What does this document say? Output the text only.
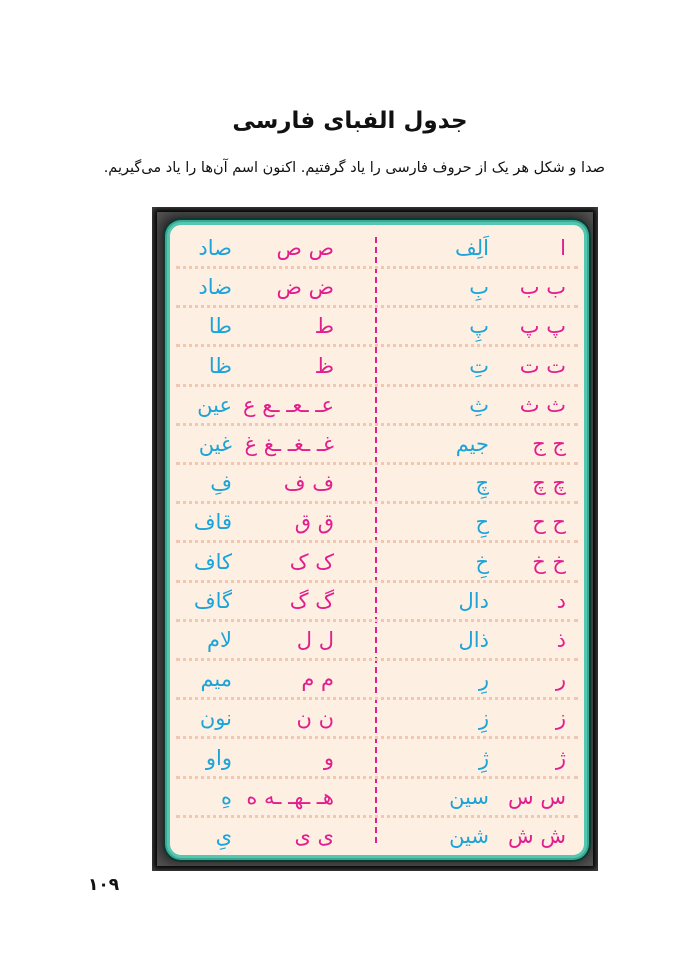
جدول الفبای فارسی
صدا و شکل هر یک از حروف فارسی را یاد گرفتیم. اکنون اسم آن‌ها را یاد می‌گیریم.
ا
اَلِف
ص ص
صاد
ب ب
بِ
ض ض
ضاد
پ پ
پِ
ط
طا
ت ت
تِ
ظ
ظا
ث ث
ثِ
عـ ـعـ ـع ع
عین
ج ج
جیم
غـ ـغـ ـغ غ
غین
چ چ
چِ
ف ف
فِ
ح ح
حِ
ق ق
قاف
خ خ
خِ
ک ک
کاف
د
دال
گ گ
گاف
ذ
ذال
ل ل
لام
ر
رِ
م م
میم
ز
زِ
ن ن
نون
ژ
ژِ
و
واو
س س
سین
هـ ـهـ ـه ه
هِ
ش ش
شین
ی ی
یِ
۱۰۹
